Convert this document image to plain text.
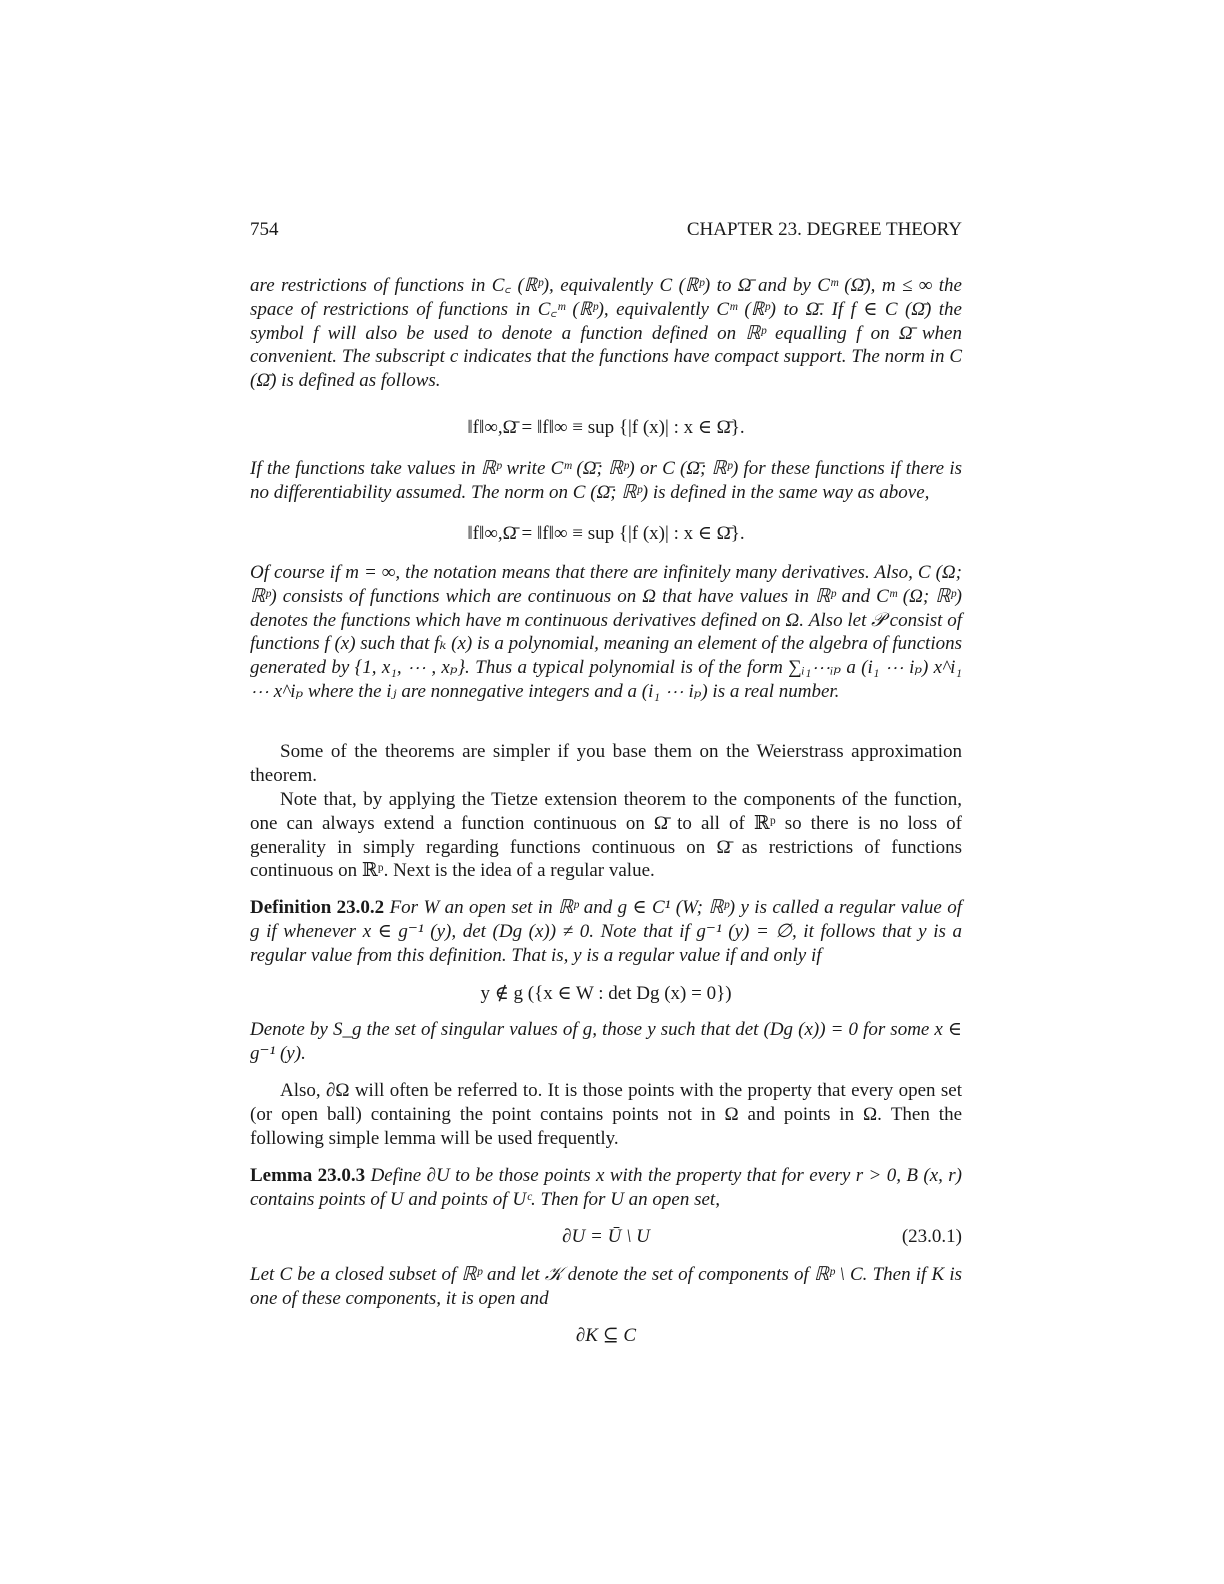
754	CHAPTER 23. DEGREE THEORY

are restrictions of functions in C꜀ (ℝᵖ), equivalently C (ℝᵖ) to Ω̄ and by Cᵐ (Ω̄), m ≤ ∞ the space of restrictions of functions in C꜀ᵐ (ℝᵖ), equivalently Cᵐ (ℝᵖ) to Ω̄. If f ∈ C (Ω̄) the symbol f will also be used to denote a function defined on ℝᵖ equalling f on Ω̄ when convenient. The subscript c indicates that the functions have compact support. The norm in C (Ω̄) is defined as follows.

‖f‖∞,Ω̄ = ‖f‖∞ ≡ sup {|f (x)| : x ∈ Ω̄}.

If the functions take values in ℝᵖ write Cᵐ (Ω̄; ℝᵖ) or C (Ω̄; ℝᵖ) for these functions if there is no differentiability assumed. The norm on C (Ω̄; ℝᵖ) is defined in the same way as above,

‖f‖∞,Ω̄ = ‖f‖∞ ≡ sup {|f (x)| : x ∈ Ω̄}.

Of course if m = ∞, the notation means that there are infinitely many derivatives. Also, C (Ω; ℝᵖ) consists of functions which are continuous on Ω that have values in ℝᵖ and Cᵐ (Ω; ℝᵖ) denotes the functions which have m continuous derivatives defined on Ω. Also let 𝒫 consist of functions f (x) such that fₖ (x) is a polynomial, meaning an element of the algebra of functions generated by {1, x₁, ⋯ , xₚ}. Thus a typical polynomial is of the form ∑ᵢ₁⋯ᵢₚ a (i₁ ⋯ iₚ) x^i₁ ⋯ x^iₚ where the iⱼ are nonnegative integers and a (i₁ ⋯ iₚ) is a real number.

Some of the theorems are simpler if you base them on the Weierstrass approximation theorem.

Note that, by applying the Tietze extension theorem to the components of the function, one can always extend a function continuous on Ω̄ to all of ℝᵖ so there is no loss of generality in simply regarding functions continuous on Ω̄ as restrictions of functions continuous on ℝᵖ. Next is the idea of a regular value.

Definition 23.0.2 For W an open set in ℝᵖ and g ∈ C¹ (W; ℝᵖ) y is called a regular value of g if whenever x ∈ g⁻¹ (y), det (Dg (x)) ≠ 0. Note that if g⁻¹ (y) = ∅, it follows that y is a regular value from this definition. That is, y is a regular value if and only if

y ∉ g ({x ∈ W : det Dg (x) = 0})

Denote by S_g the set of singular values of g, those y such that det (Dg (x)) = 0 for some x ∈ g⁻¹ (y).

Also, ∂Ω will often be referred to. It is those points with the property that every open set (or open ball) containing the point contains points not in Ω and points in Ω. Then the following simple lemma will be used frequently.

Lemma 23.0.3 Define ∂U to be those points x with the property that for every r > 0, B (x, r) contains points of U and points of Uᶜ. Then for U an open set,

∂U = Ū \ U	(23.0.1)

Let C be a closed subset of ℝᵖ and let 𝒦 denote the set of components of ℝᵖ \ C. Then if K is one of these components, it is open and

∂K ⊆ C
